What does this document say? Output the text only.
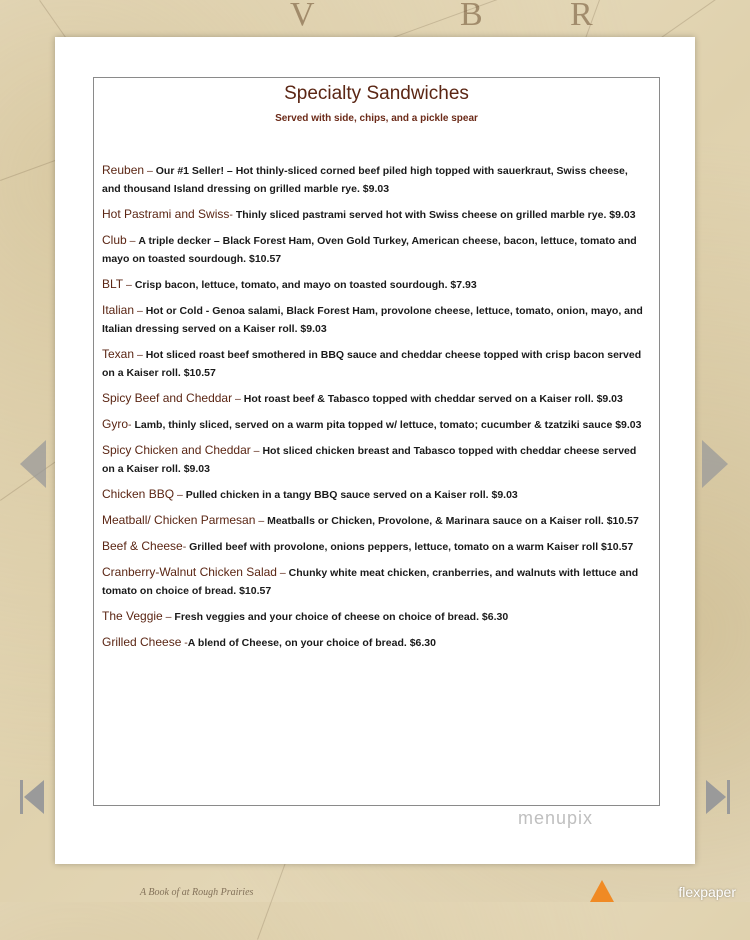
V	B R
A Book of at Rough Prairies
Specialty Sandwiches
Served with side, chips, and a pickle spear
Reuben – Our #1 Seller! – Hot thinly-sliced corned beef piled high topped with sauerkraut, Swiss cheese, and thousand Island dressing on grilled marble rye. $9.03
Hot Pastrami and Swiss- Thinly sliced pastrami served hot with Swiss cheese on grilled marble rye. $9.03
Club – A triple decker – Black Forest Ham, Oven Gold Turkey, American cheese, bacon, lettuce, tomato and mayo on toasted sourdough. $10.57
BLT – Crisp bacon, lettuce, tomato, and mayo on toasted sourdough. $7.93
Italian – Hot or Cold - Genoa salami, Black Forest Ham, provolone cheese, lettuce, tomato, onion, mayo, and Italian dressing served on a Kaiser roll. $9.03
Texan – Hot sliced roast beef smothered in BBQ sauce and cheddar cheese topped with crisp bacon served on a Kaiser roll. $10.57
Spicy Beef and Cheddar – Hot roast beef & Tabasco topped with cheddar served on a Kaiser roll. $9.03
Gyro- Lamb, thinly sliced, served on a warm pita topped w/ lettuce, tomato; cucumber & tzatziki sauce $9.03
Spicy Chicken and Cheddar – Hot sliced chicken breast and Tabasco topped with cheddar cheese served on a Kaiser roll. $9.03
Chicken BBQ – Pulled chicken in a tangy BBQ sauce served on a Kaiser roll. $9.03
Meatball/ Chicken Parmesan – Meatballs or Chicken, Provolone, & Marinara sauce on a Kaiser roll. $10.57
Beef & Cheese- Grilled beef with provolone, onions peppers, lettuce, tomato on a warm Kaiser roll $10.57
Cranberry-Walnut Chicken Salad – Chunky white meat chicken, cranberries, and walnuts with lettuce and tomato on choice of bread. $10.57
The Veggie – Fresh veggies and your choice of cheese on choice of bread. $6.30
Grilled Cheese -A blend of Cheese, on your choice of bread. $6.30
menupix
flexpaper
